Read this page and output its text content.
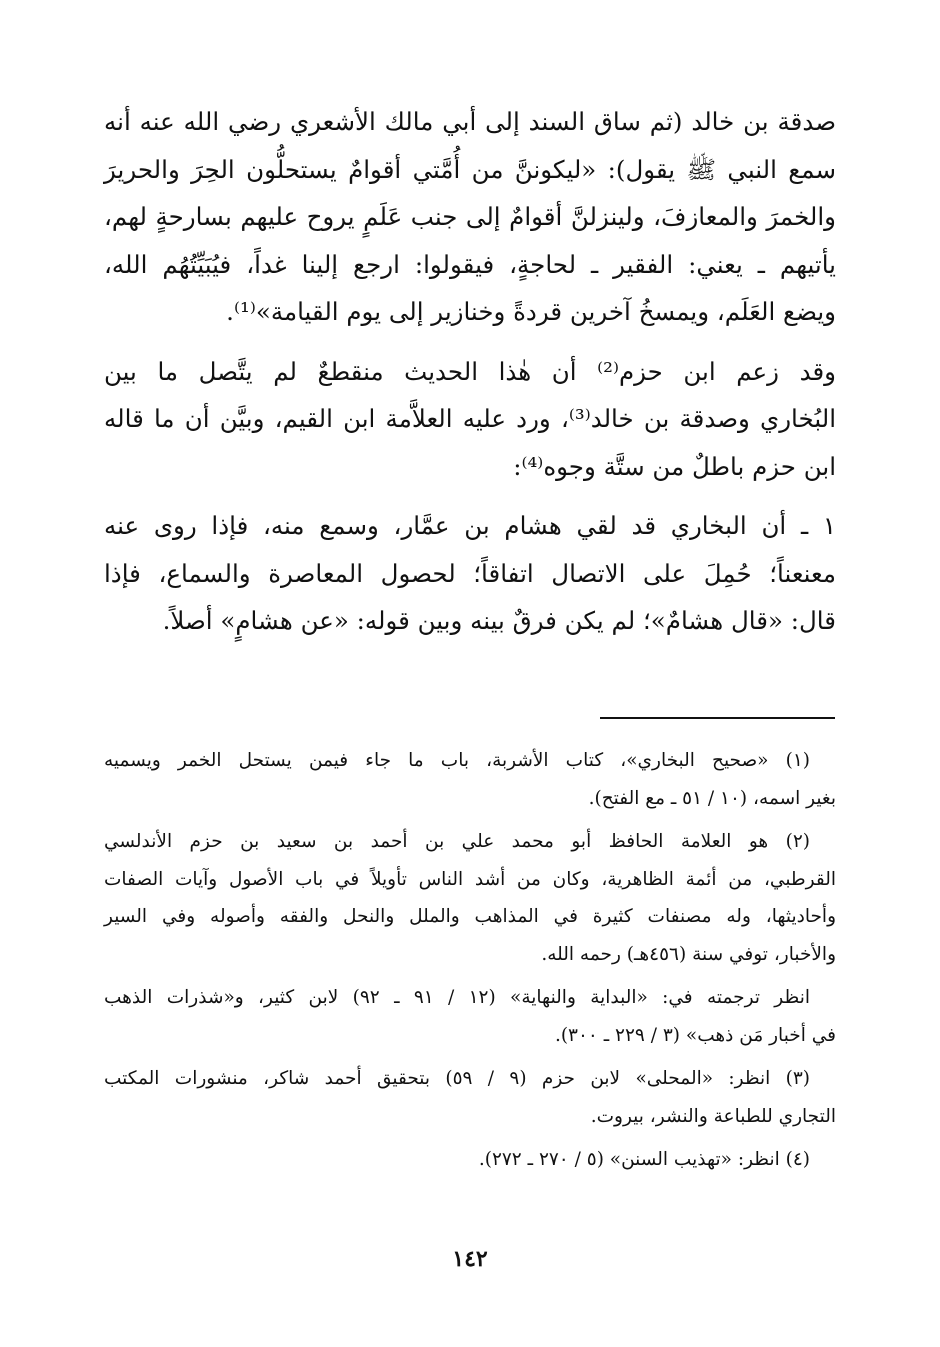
صدقة بن خالد (ثم ساق السند إلى أبي مالك الأشعري رضي الله عنه أنه
سمع النبي ﷺ يقول): «ليكوننَّ من أُمَّتي أقوامٌ يستحلُّون الحِرَ والحريرَ
والخمرَ والمعازفَ، ولينزلنَّ أقوامٌ إلى جنب عَلَمٍ يروح عليهم بسارحةٍ لهم،
يأتيهم ـ يعني: الفقير ـ لحاجةٍ، فيقولوا: ارجع إلينا غداً، فيُبَيِّتُهُم الله،
ويضع العَلَم، ويمسخُ آخرين قردةً وخنازير إلى يوم القيامة»⁽¹⁾.

وقد زعم ابن حزم⁽²⁾ أن هٰذا الحديث منقطعٌ لم يتَّصل ما بين
البُخاري وصدقة بن خالد⁽³⁾، ورد عليه العلاَّمة ابن القيم، وبيَّن أن ما قاله
ابن حزم باطلٌ من ستَّة وجوه⁽⁴⁾:

١ ـ أن البخاري قد لقي هشام بن عمَّار، وسمع منه، فإذا روى عنه
معنعناً؛ حُمِلَ على الاتصال اتفاقاً؛ لحصول المعاصرة والسماع، فإذا
قال: «قال هشامٌ»؛ لم يكن فرقٌ بينه وبين قوله: «عن هشامٍ» أصلاً.

(١) «صحيح البخاري»، كتاب الأشربة، باب ما جاء فيمن يستحل الخمر ويسميه
بغير اسمه، (١٠ / ٥١ ـ مع الفتح).

(٢) هو العلامة الحافظ أبو محمد علي بن أحمد بن سعيد بن حزم الأندلسي
القرطبي، من أئمة الظاهرية، وكان من أشد الناس تأويلاً في باب الأصول وآيات الصفات
وأحاديثها، وله مصنفات كثيرة في المذاهب والملل والنحل والفقه وأصوله وفي السير
والأخبار، توفي سنة (٤٥٦هـ) رحمه الله.

انظر ترجمته في: «البداية والنهاية» (١٢ / ٩١ ـ ٩٢) لابن كثير، و«شذرات الذهب
في أخبار مَن ذهب» (٣ / ٢٢٩ ـ ٣٠٠).

(٣) انظر: «المحلى» لابن حزم (٩ / ٥٩) بتحقيق أحمد شاكر، منشورات المكتب
التجاري للطباعة والنشر، بيروت.

(٤) انظر: «تهذيب السنن» (٥ / ٢٧٠ ـ ٢٧٢).

١٤٢
